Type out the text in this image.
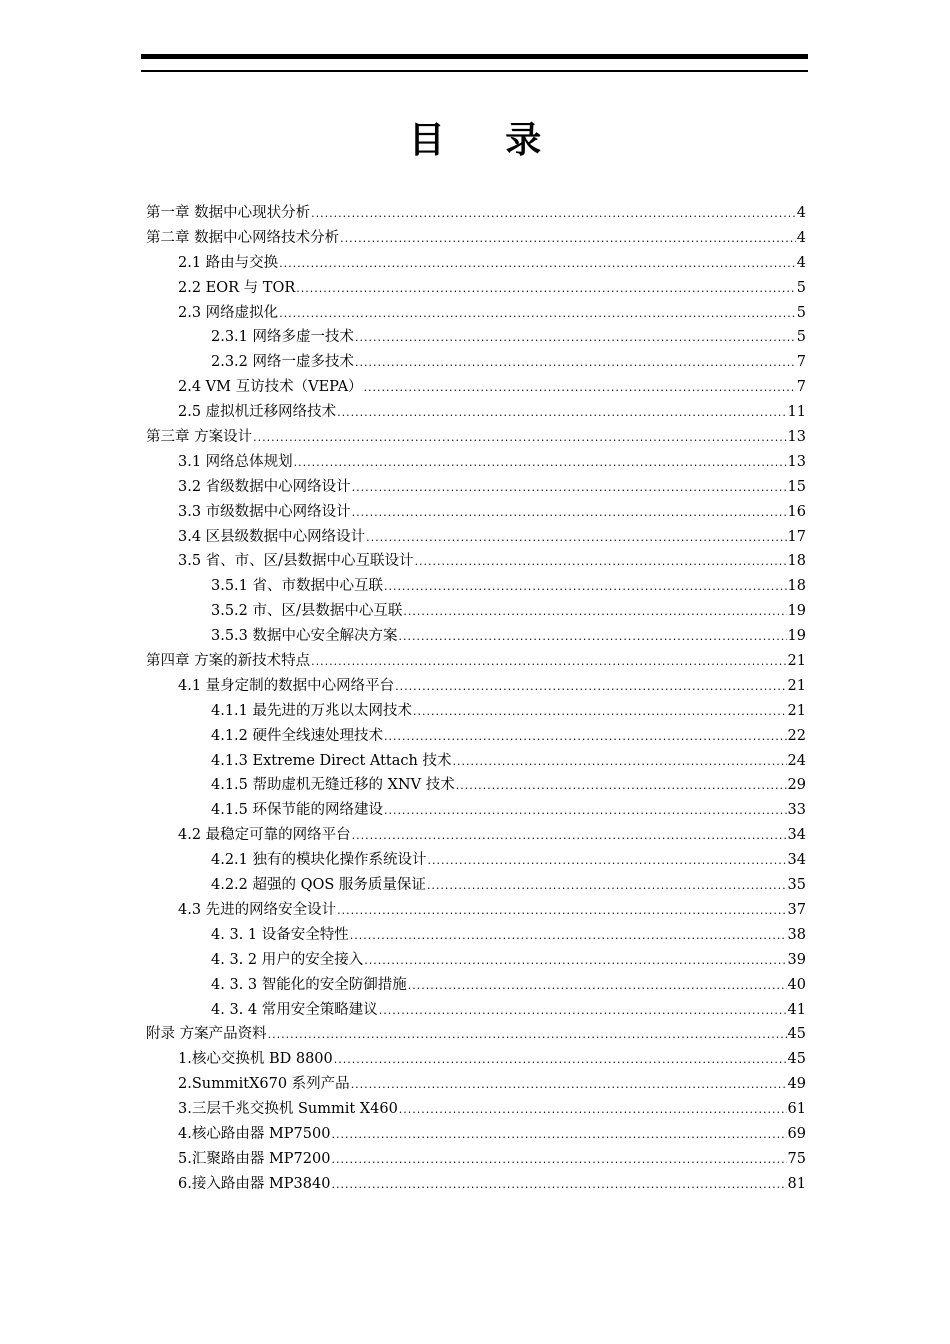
目 录
第一章 数据中心现状分析 .....	4
第二章 数据中心网络技术分析 .....	4
2.1 路由与交换 .....	4
2.2 EOR 与 TOR .....	5
2.3 网络虚拟化 .....	5
2.3.1 网络多虚一技术 .....	5
2.3.2 网络一虚多技术 .....	7
2.4 VM 互访技术（VEPA） .....	7
2.5 虚拟机迁移网络技术 .....	11
第三章 方案设计 .....	13
3.1 网络总体规划 .....	13
3.2 省级数据中心网络设计 .....	15
3.3 市级数据中心网络设计 .....	16
3.4 区县级数据中心网络设计 .....	17
3.5 省、市、区/县数据中心互联设计 .....	18
3.5.1 省、市数据中心互联 .....	18
3.5.2 市、区/县数据中心互联 .....	19
3.5.3 数据中心安全解决方案 .....	19
第四章 方案的新技术特点 .....	21
4.1 量身定制的数据中心网络平台 .....	21
4.1.1 最先进的万兆以太网技术 .....	21
4.1.2 硬件全线速处理技术 .....	22
4.1.3 Extreme Direct Attach 技术 .....	24
4.1.5 帮助虚机无缝迁移的 XNV 技术 .....	29
4.1.5 环保节能的网络建设 .....	33
4.2 最稳定可靠的网络平台 .....	34
4.2.1 独有的模块化操作系统设计 .....	34
4.2.2 超强的 QOS 服务质量保证 .....	35
4.3 先进的网络安全设计 .....	37
4. 3. 1 设备安全特性 .....	38
4. 3. 2 用户的安全接入 .....	39
4. 3. 3 智能化的安全防御措施 .....	40
4. 3. 4 常用安全策略建议 .....	41
附录 方案产品资料 .....	45
1. 核心交换机 BD 8800 .....	45
2. SummitX670 系列产品 .....	49
3. 三层千兆交换机 Summit X460 .....	61
4. 核心路由器 MP7500 .....	69
5. 汇聚路由器 MP7200 .....	75
6. 接入路由器 MP3840 .....	81
